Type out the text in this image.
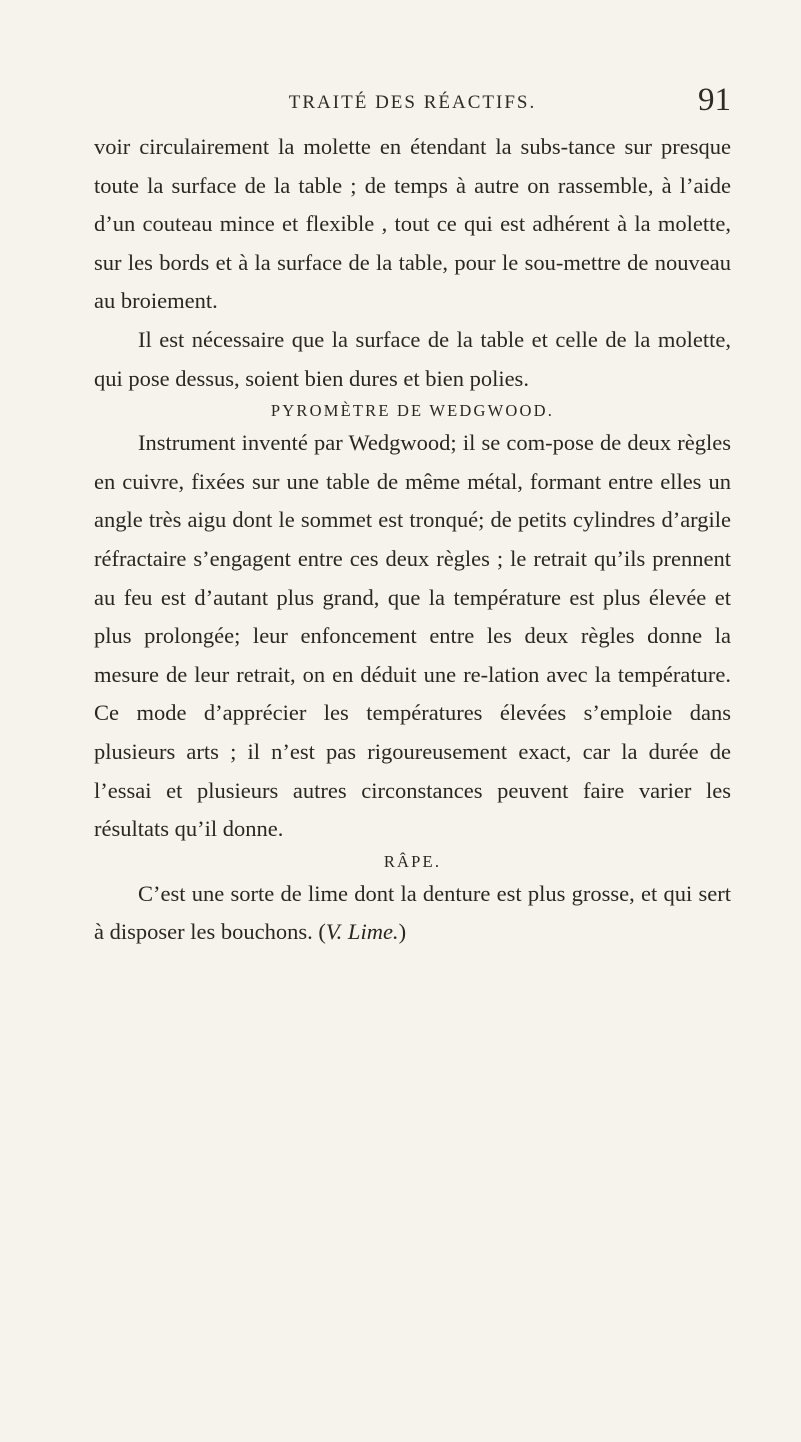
TRAITÉ DES RÉACTIFS.	91

voir circulairement la molette en étendant la subs-tance sur presque toute la surface de la table ; de temps à autre on rassemble, à l’aide d’un couteau mince et flexible , tout ce qui est adhérent à la molette, sur les bords et à la surface de la table, pour le sou-mettre de nouveau au broiement.

Il est nécessaire que la surface de la table et celle de la molette, qui pose dessus, soient bien dures et bien polies.

PYROMÈTRE DE WEDGWOOD.

Instrument inventé par Wedgwood; il se com-pose de deux règles en cuivre, fixées sur une table de même métal, formant entre elles un angle très aigu dont le sommet est tronqué; de petits cylindres d’argile réfractaire s’engagent entre ces deux règles ; le retrait qu’ils prennent au feu est d’autant plus grand, que la température est plus élevée et plus prolongée; leur enfoncement entre les deux règles donne la mesure de leur retrait, on en déduit une re-lation avec la température. Ce mode d’apprécier les températures élevées s’emploie dans plusieurs arts ; il n’est pas rigoureusement exact, car la durée de l’essai et plusieurs autres circonstances peuvent faire varier les résultats qu’il donne.

RÂPE.

C’est une sorte de lime dont la denture est plus grosse, et qui sert à disposer les bouchons. (V. Lime.)
